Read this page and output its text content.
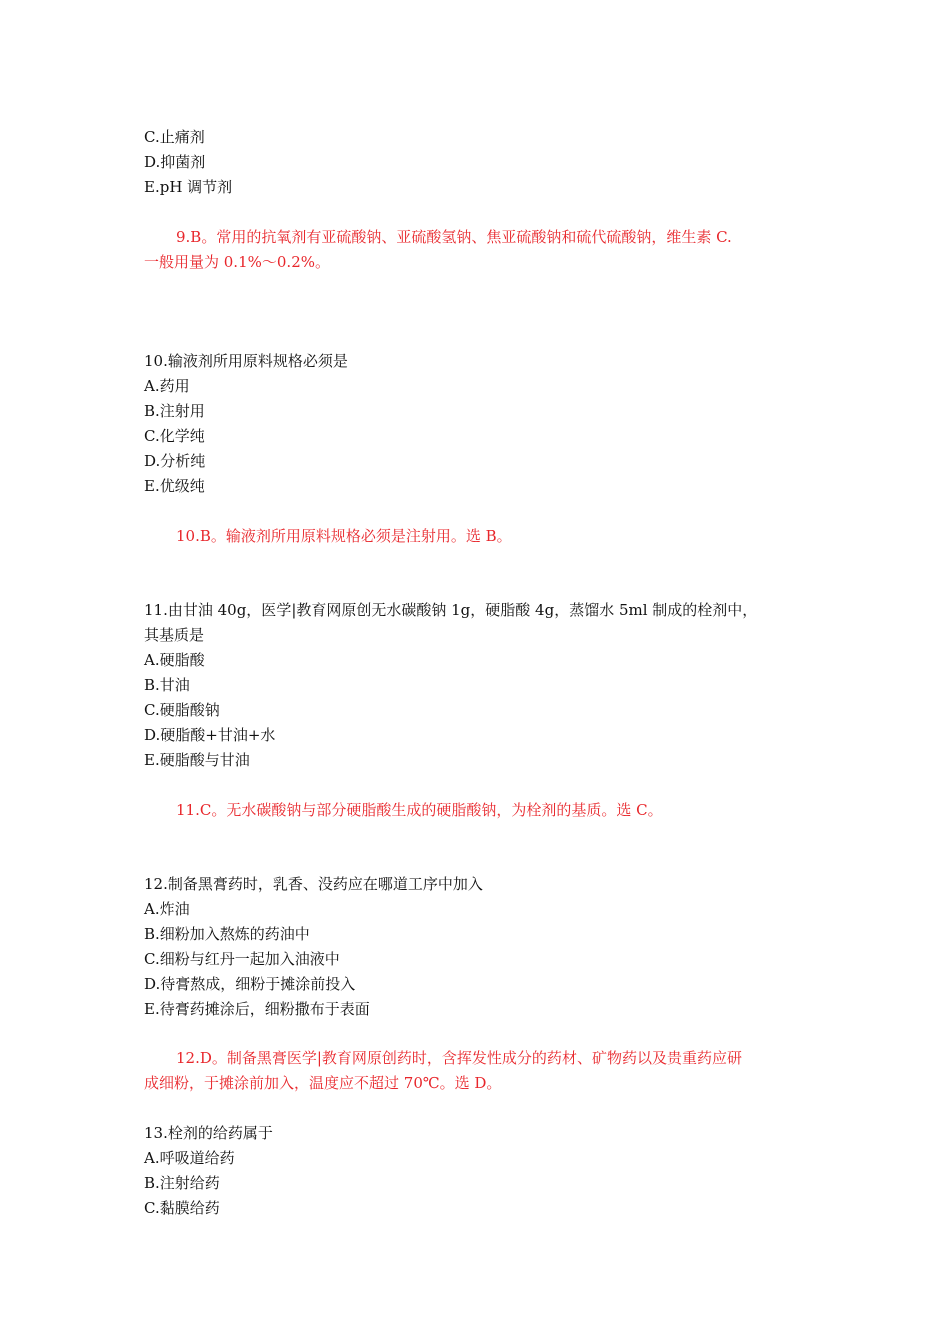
C.止痛剂
D.抑菌剂
E.pH 调节剂
9.B。常用的抗氧剂有亚硫酸钠、亚硫酸氢钠、焦亚硫酸钠和硫代硫酸钠，维生素 C.
一般用量为 0.1%～0.2%。
10.输液剂所用原料规格必须是
A.药用
B.注射用
C.化学纯
D.分析纯
E.优级纯
10.B。输液剂所用原料规格必须是注射用。选 B。
11.由甘油 40g，医学|教育网原创无水碳酸钠 1g，硬脂酸 4g，蒸馏水 5ml 制成的栓剂中，
其基质是
A.硬脂酸
B.甘油
C.硬脂酸钠
D.硬脂酸+甘油+水
E.硬脂酸与甘油
11.C。无水碳酸钠与部分硬脂酸生成的硬脂酸钠，为栓剂的基质。选 C。
12.制备黑膏药时，乳香、没药应在哪道工序中加入
A.炸油
B.细粉加入熬炼的药油中
C.细粉与红丹一起加入油液中
D.待膏熬成，细粉于摊涂前投入
E.待膏药摊涂后，细粉撒布于表面
12.D。制备黑膏医学|教育网原创药时，含挥发性成分的药材、矿物药以及贵重药应研
成细粉，于摊涂前加入，温度应不超过 70℃。选 D。
13.栓剂的给药属于
A.呼吸道给药
B.注射给药
C.黏膜给药
